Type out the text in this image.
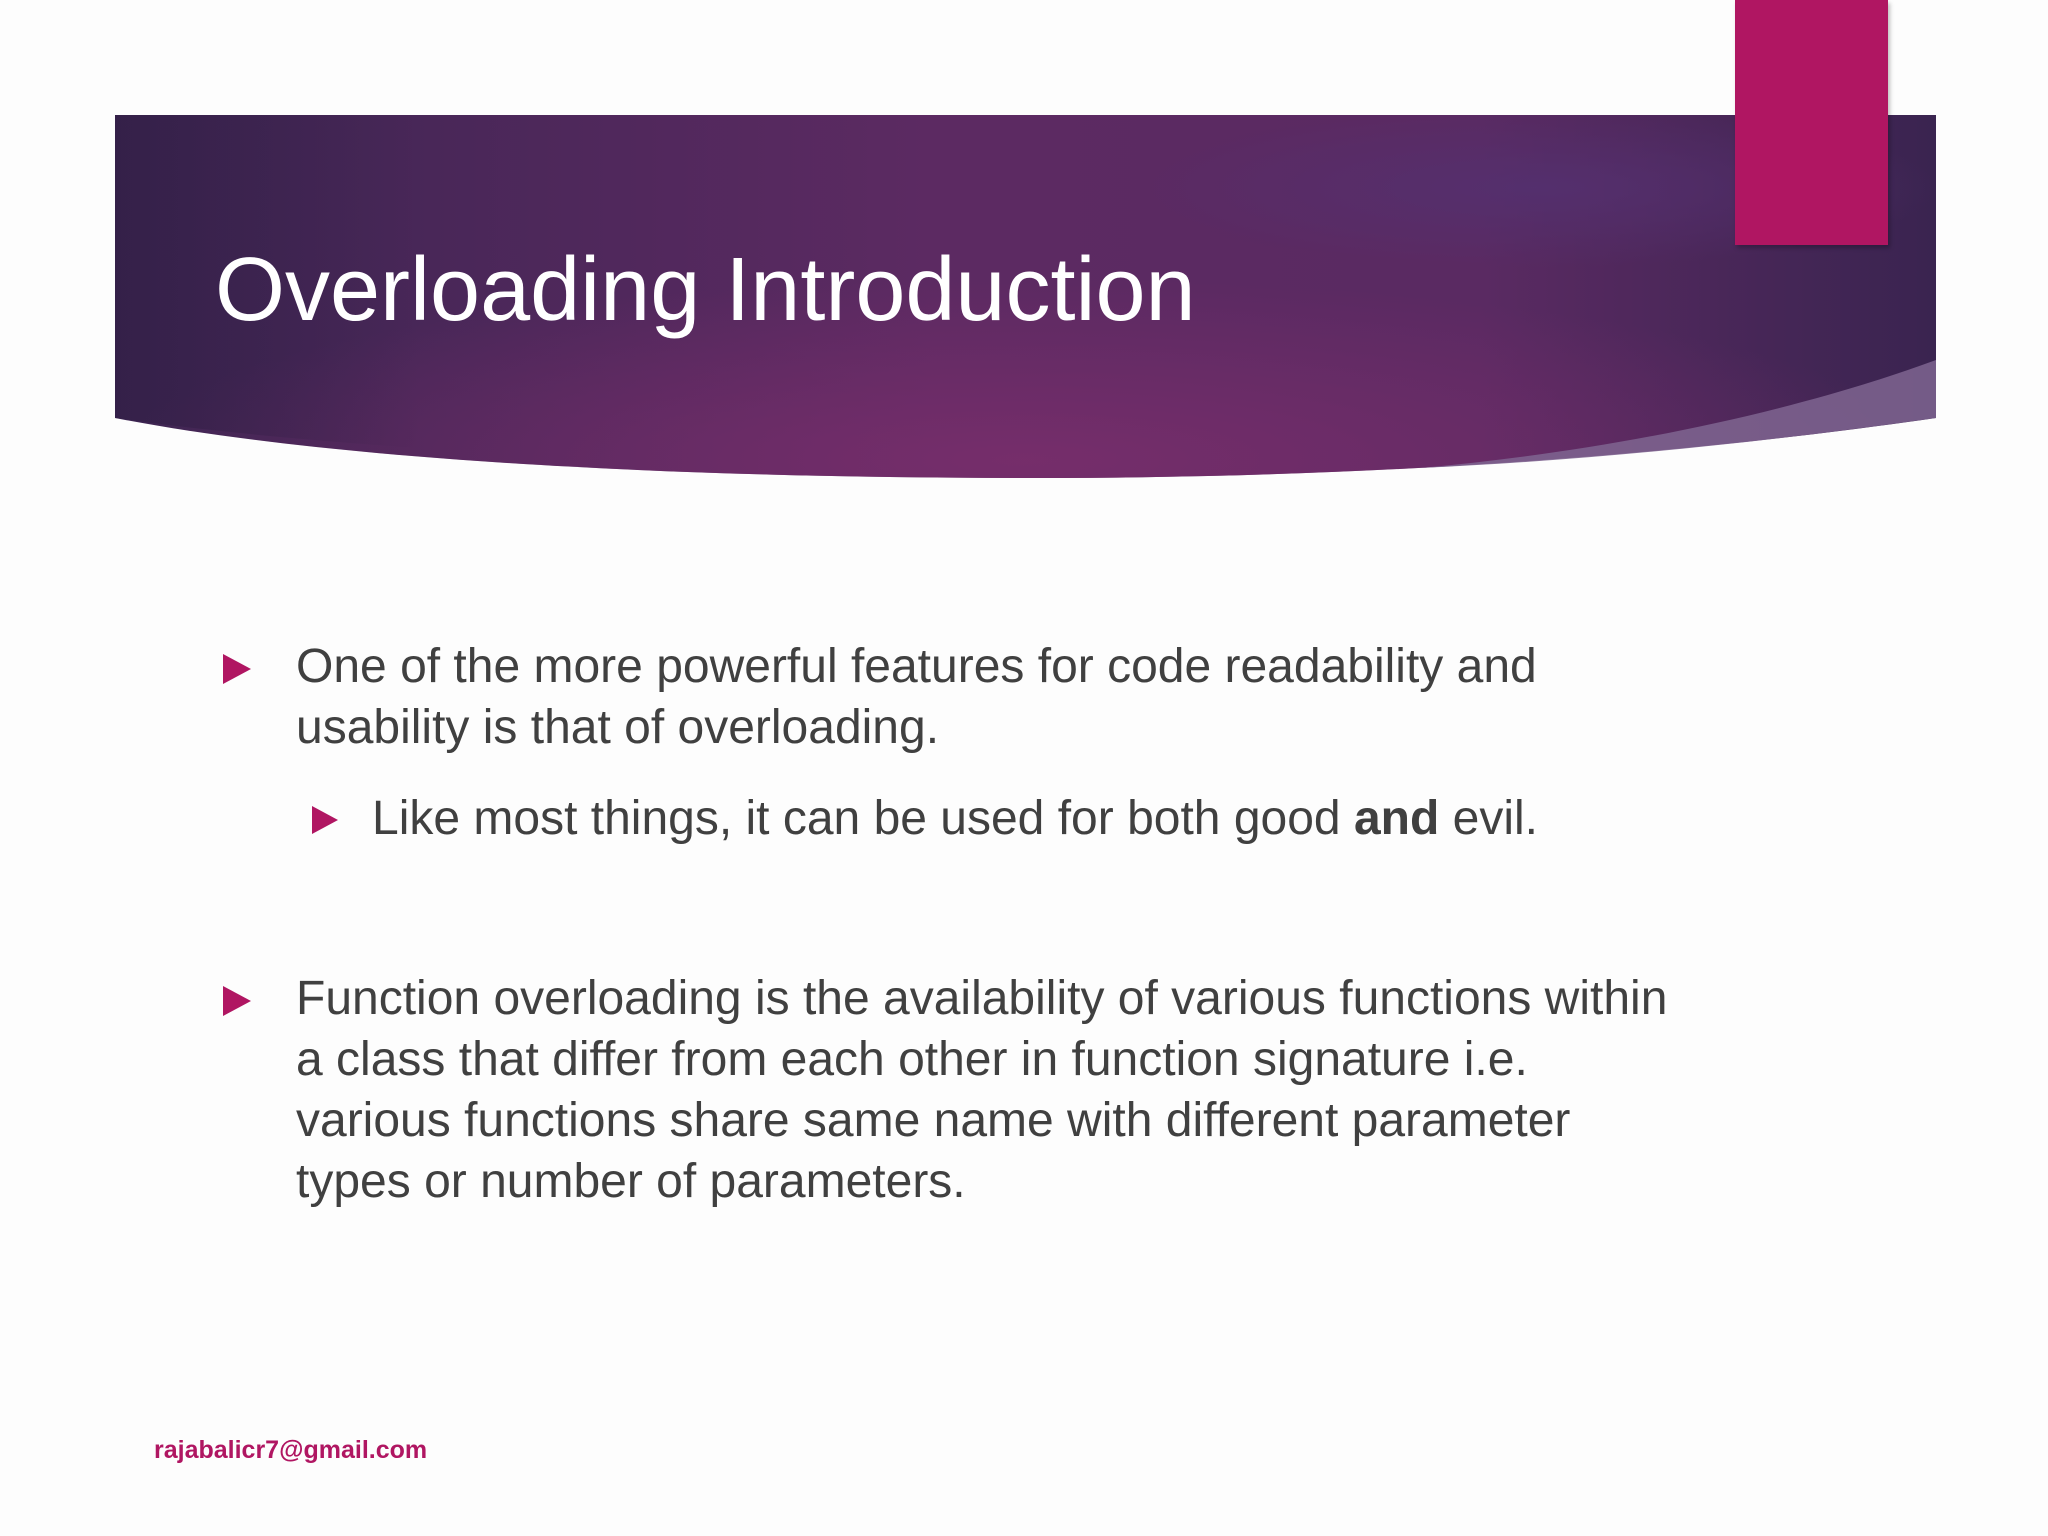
Overloading Introduction
One of the more powerful features for code readability and
usability is that of overloading.
Like most things, it can be used for both good and evil.
Function overloading is the availability of various functions within
a class that differ from each other in function signature i.e.
various functions share same name with different parameter
types or number of parameters.
rajabalicr7@gmail.com
